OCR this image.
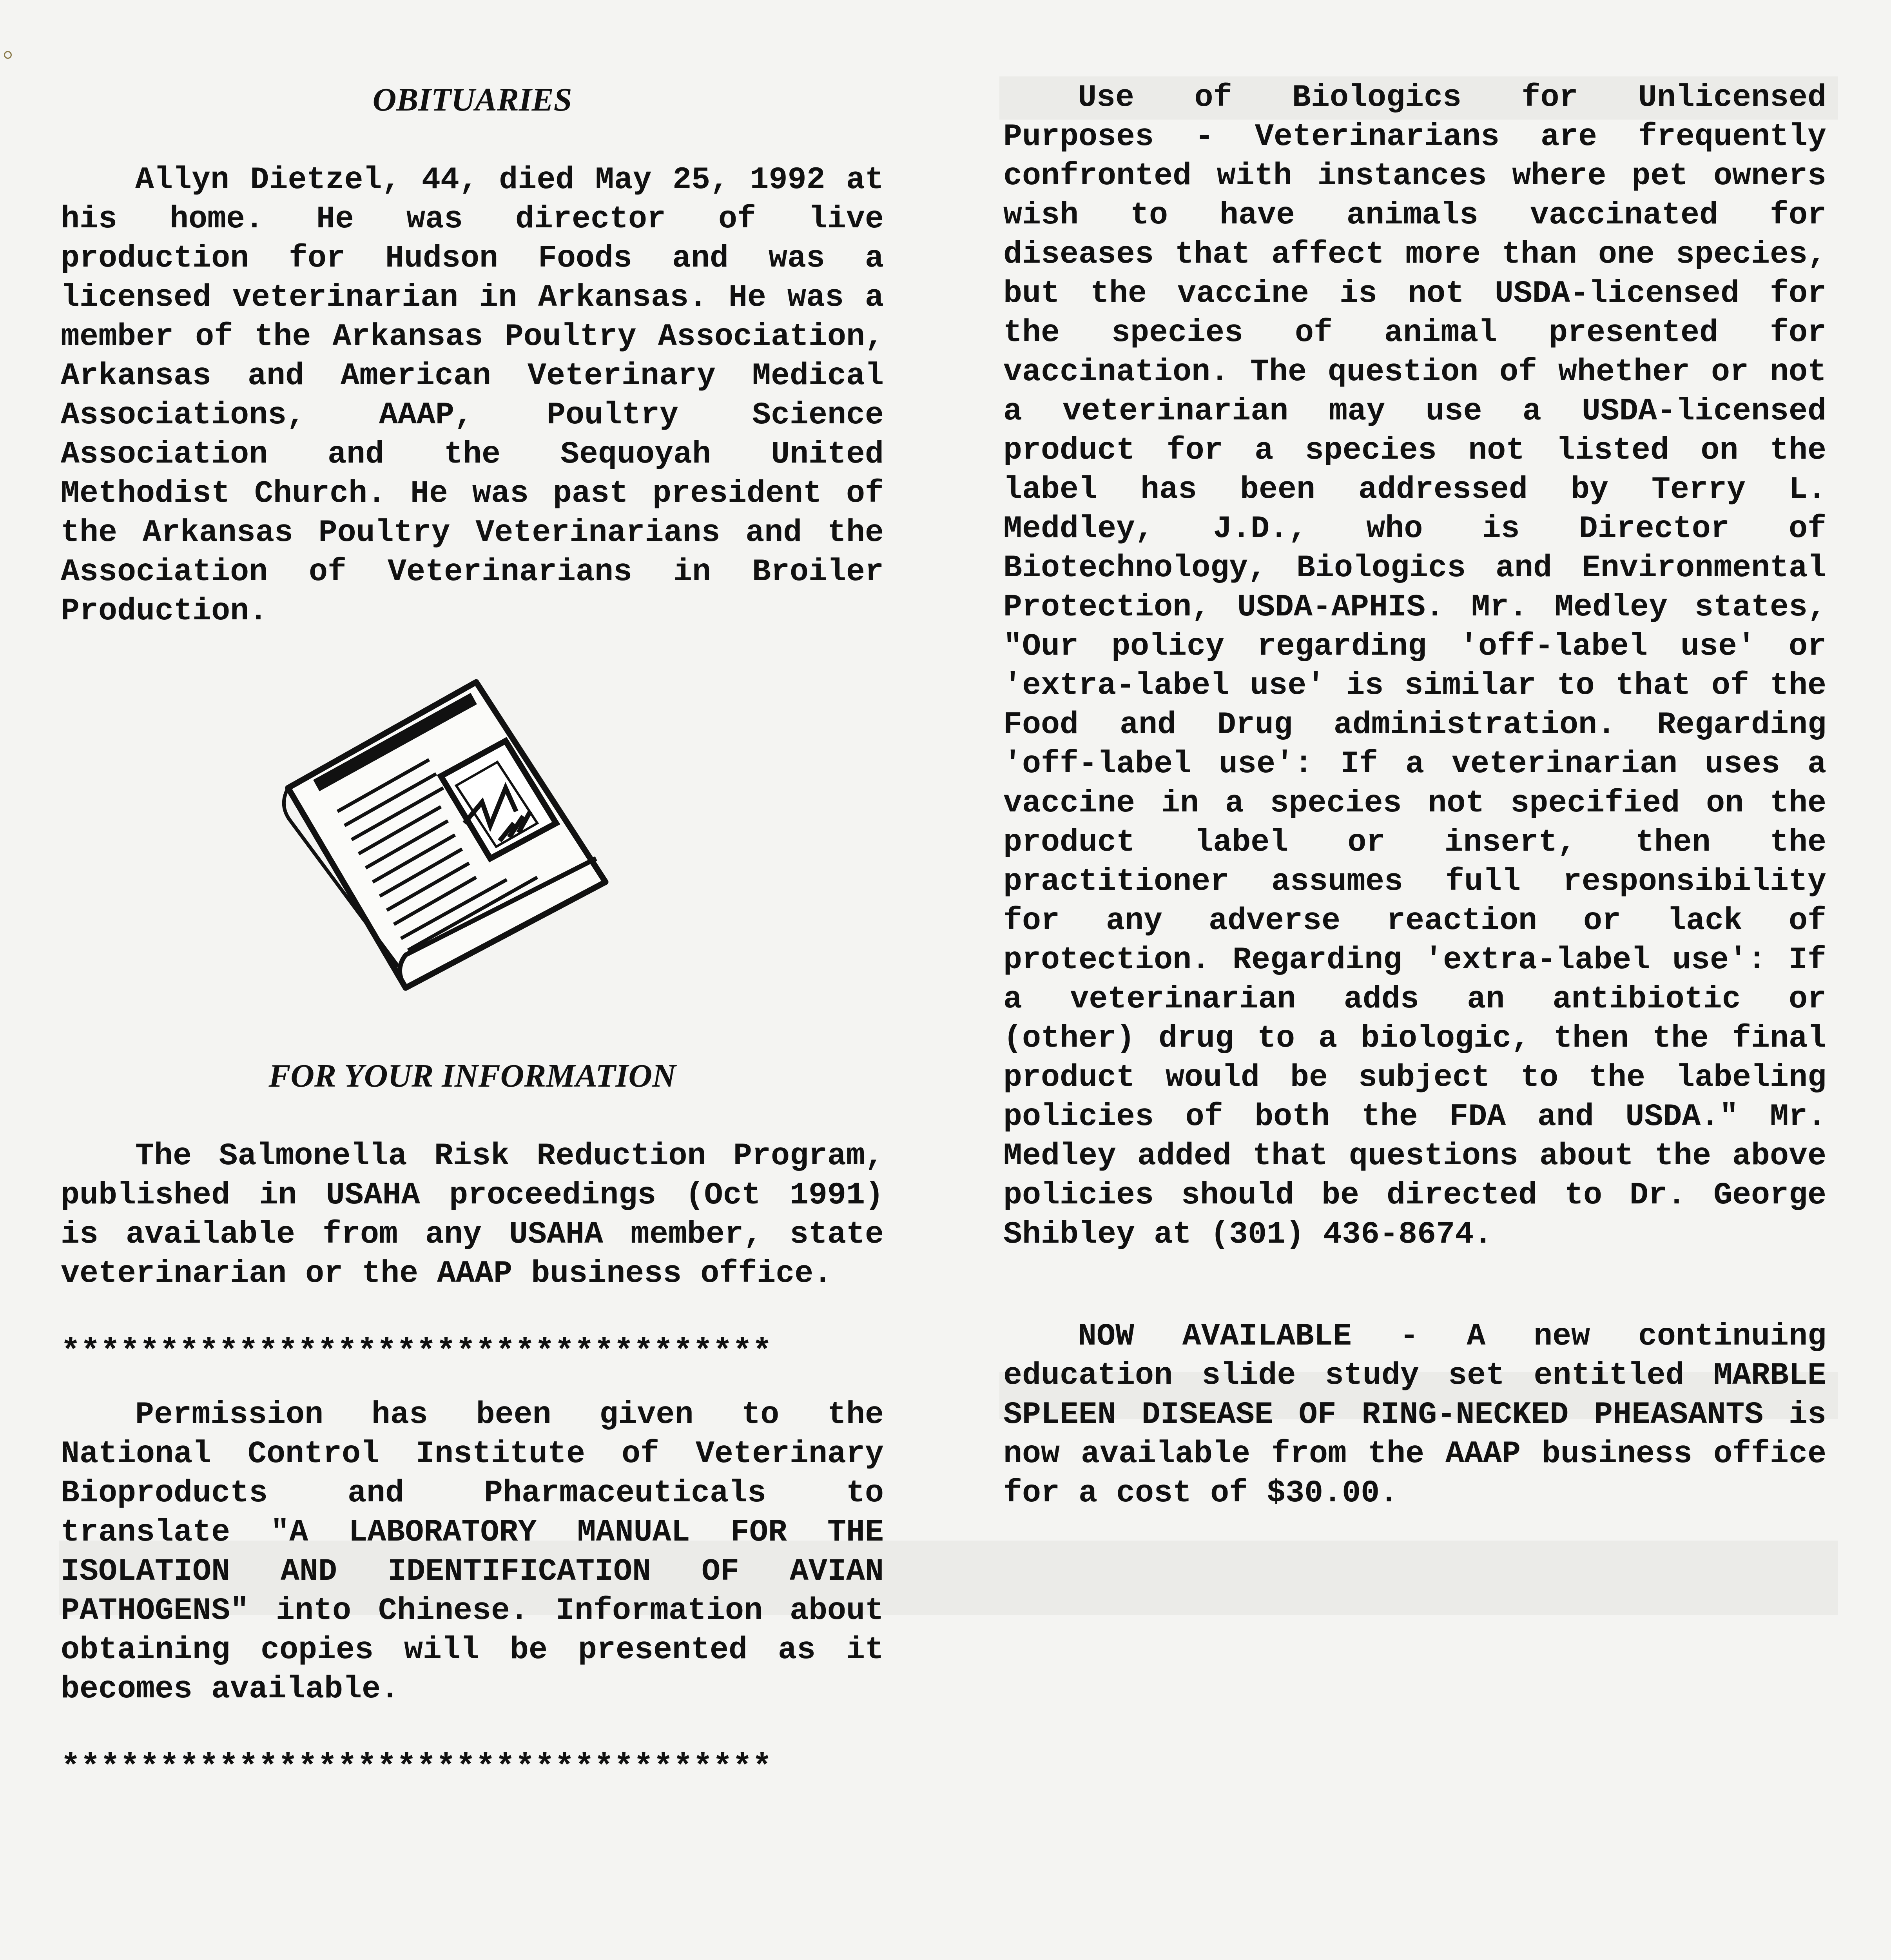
OBITUARIES

Allyn Dietzel, 44, died May 25, 1992 at his home. He was director of live production for Hudson Foods and was a licensed veterinarian in Arkansas. He was a member of the Arkansas Poultry Association, Arkansas and American Veterinary Medical Associations, AAAP, Poultry Science Association and the Sequoyah United Methodist Church. He was past president of the Arkansas Poultry Veterinarians and the Association of Veterinarians in Broiler Production.

FOR YOUR INFORMATION

The Salmonella Risk Reduction Program, published in USAHA proceedings (Oct 1991) is available from any USAHA member, state veterinarian or the AAAP business office.

************************************

Permission has been given to the National Control Institute of Veterinary Bioproducts and Pharmaceuticals to translate "A LABORATORY MANUAL FOR THE ISOLATION AND IDENTIFICATION OF AVIAN PATHOGENS" into Chinese. Information about obtaining copies will be presented as it becomes available.

************************************

Use of Biologics for Unlicensed Purposes - Veterinarians are frequently confronted with instances where pet owners wish to have animals vaccinated for diseases that affect more than one species, but the vaccine is not USDA-licensed for the species of animal presented for vaccination. The question of whether or not a veterinarian may use a USDA-licensed product for a species not listed on the label has been addressed by Terry L. Meddley, J.D., who is Director of Biotechnology, Biologics and Environmental Protection, USDA-APHIS. Mr. Medley states, "Our policy regarding 'off-label use' or 'extra-label use' is similar to that of the Food and Drug administration. Regarding 'off-label use': If a veterinarian uses a vaccine in a species not specified on the product label or insert, then the practitioner assumes full responsibility for any adverse reaction or lack of protection. Regarding 'extra-label use': If a veterinarian adds an antibiotic or (other) drug to a biologic, then the final product would be subject to the labeling policies of both the FDA and USDA." Mr. Medley added that questions about the above policies should be directed to Dr. George Shibley at (301) 436-8674.

NOW AVAILABLE - A new continuing education slide study set entitled MARBLE SPLEEN DISEASE OF RING-NECKED PHEASANTS is now available from the AAAP business office for a cost of $30.00.
